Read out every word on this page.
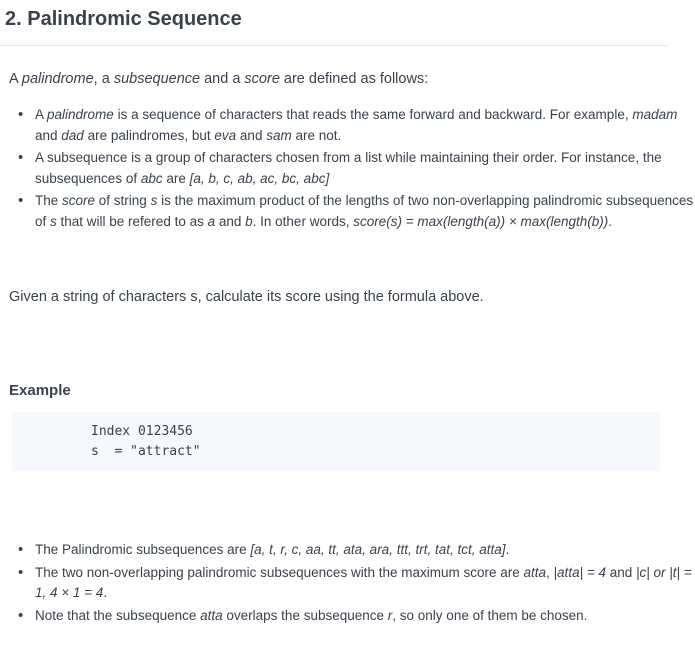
2. Palindromic Sequence

A palindrome, a subsequence and a score are defined as follows:

• A palindrome is a sequence of characters that reads the same forward and backward. For example, madam and dad are palindromes, but eva and sam are not.
• A subsequence is a group of characters chosen from a list while maintaining their order. For instance, the subsequences of abc are [a, b, c, ab, ac, bc, abc]
• The score of string s is the maximum product of the lengths of two non-overlapping palindromic subsequences of s that will be refered to as a and b. In other words, score(s) = max(length(a)) × max(length(b)).

Given a string of characters s, calculate its score using the formula above.

Example
Index 0123456
s  = "attract"
• The Palindromic subsequences are [a, t, r, c, aa, tt, ata, ara, ttt, trt, tat, tct, atta].
• The two non-overlapping palindromic subsequences with the maximum score are atta, |atta| = 4 and |c| or |t| = 1, 4 × 1 = 4.
• Note that the subsequence atta overlaps the subsequence r, so only one of them be chosen.
